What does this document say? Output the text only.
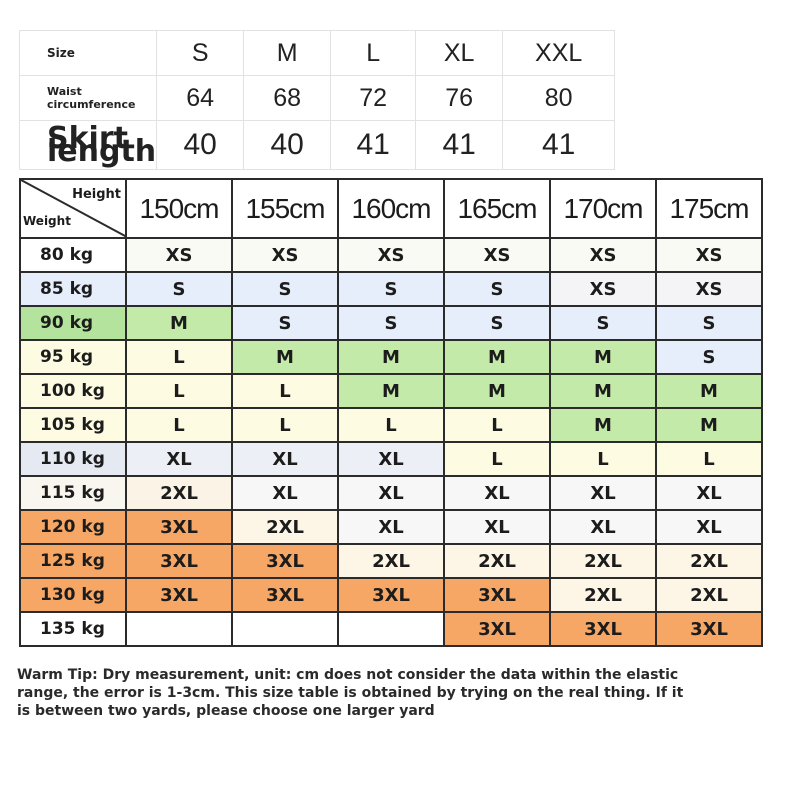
Size	S	M	L	XL	XXL
Waist circumference	64	68	72	76	80
Skirt length	40	40	41	41	41
Height
Weight	150cm	155cm	160cm	165cm	170cm	175cm
80 kg	XS	XS	XS	XS	XS	XS
85 kg	S	S	S	S	XS	XS
90 kg	M	S	S	S	S	S
95 kg	L	M	M	M	M	S
100 kg	L	L	M	M	M	M
105 kg	L	L	L	L	M	M
110 kg	XL	XL	XL	L	L	L
115 kg	2XL	XL	XL	XL	XL	XL
120 kg	3XL	2XL	XL	XL	XL	XL
125 kg	3XL	3XL	2XL	2XL	2XL	2XL
130 kg	3XL	3XL	3XL	3XL	2XL	2XL
135 kg				3XL	3XL	3XL

Warm Tip: Dry measurement, unit: cm does not consider the data within the elastic range, the error is 1-3cm. This size table is obtained by trying on the real thing. If it is between two yards, please choose one larger yard
